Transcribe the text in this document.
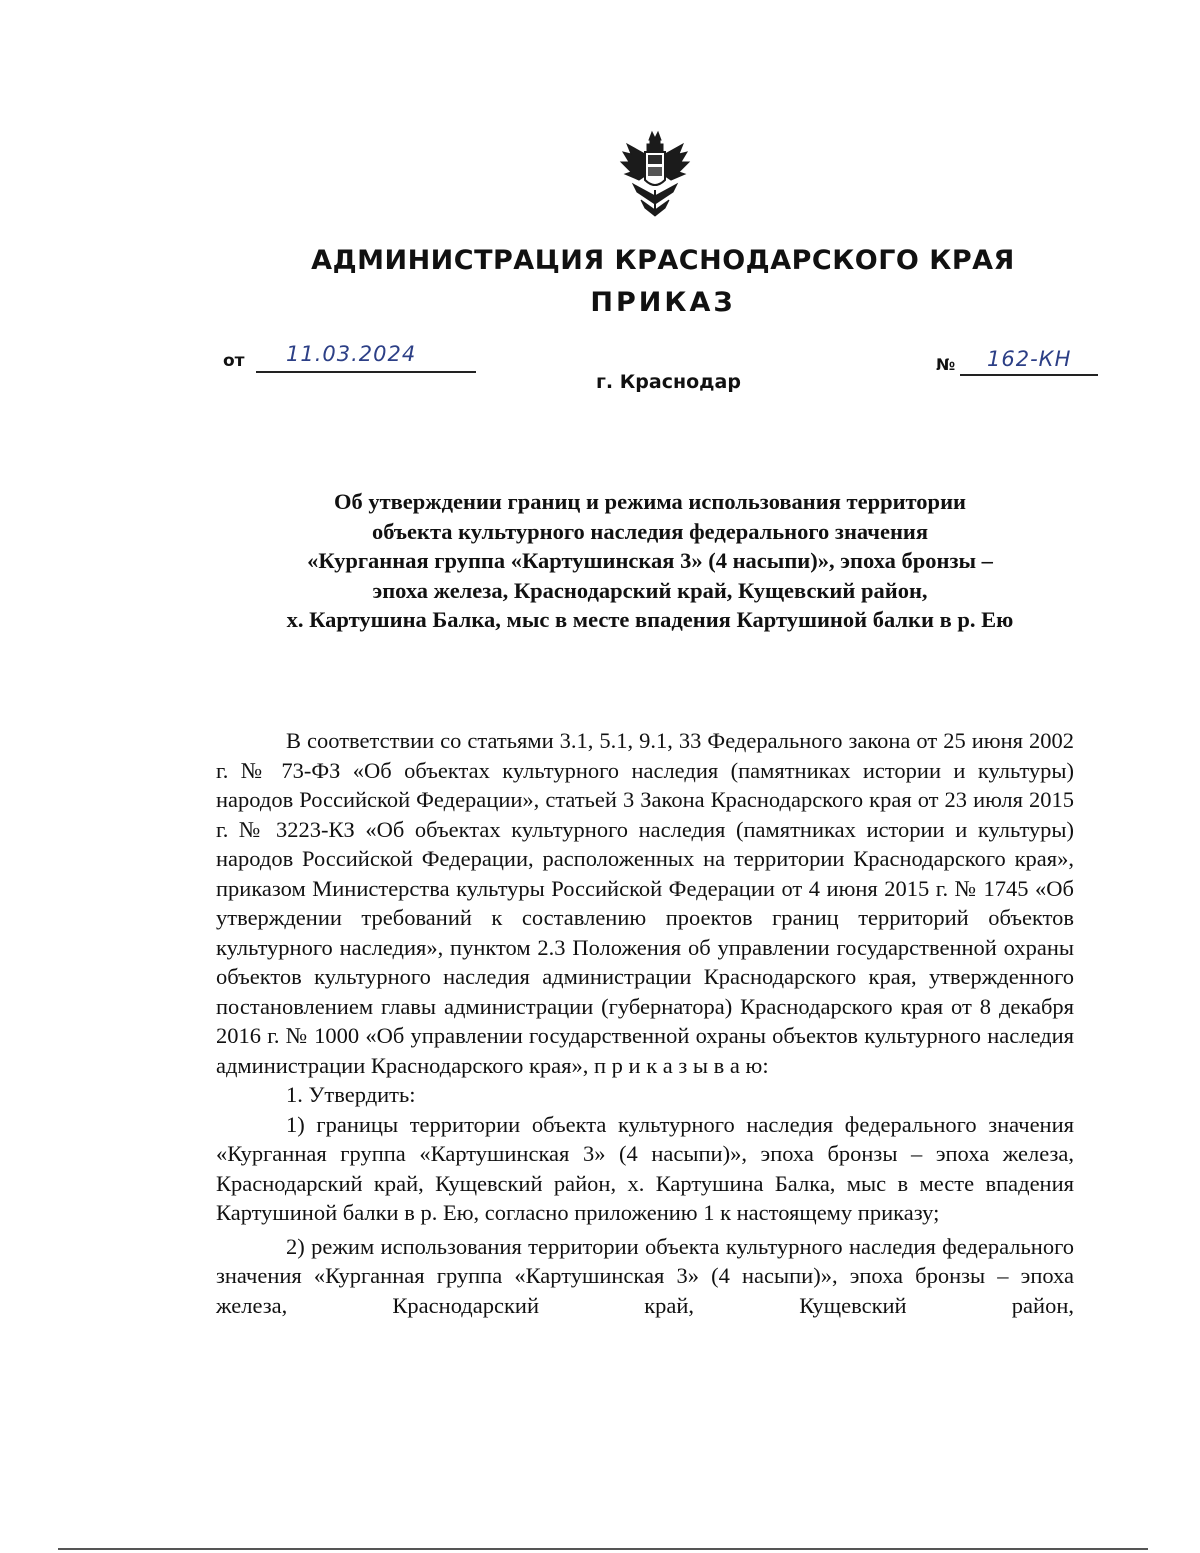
АДМИНИСТРАЦИЯ КРАСНОДАРСКОГО КРАЯ
ПРИКАЗ
от 11.03.2024
г. Краснодар
№ 162-КН
Об утверждении границ и режима использования территории
объекта культурного наследия федерального значения
«Курганная группа «Картушинская 3» (4 насыпи)», эпоха бронзы –
эпоха железа, Краснодарский край, Кущевский район,
х. Картушина Балка, мыс в месте впадения Картушиной балки в р. Ею

В соответствии со статьями 3.1, 5.1, 9.1, 33 Федерального закона от 25 июня 2002 г. № 73-ФЗ «Об объектах культурного наследия (памятниках истории и культуры) народов Российской Федерации», статьей 3 Закона Краснодарского края от 23 июля 2015 г. № 3223-КЗ «Об объектах культурного наследия (памятниках истории и культуры) народов Российской Федерации, расположенных на территории Краснодарского края», приказом Министерства культуры Российской Федерации от 4 июня 2015 г. № 1745 «Об утверждении требований к составлению проектов границ территорий объектов культурного наследия», пунктом 2.3 Положения об управлении государственной охраны объектов культурного наследия администрации Краснодарского края, утвержденного постановлением главы администрации (губернатора) Краснодарского края от 8 декабря 2016 г. № 1000 «Об управлении государственной охраны объектов культурного наследия администрации Краснодарского края», п р и к а з ы в а ю:

1. Утвердить:

1) границы территории объекта культурного наследия федерального значения «Курганная группа «Картушинская 3» (4 насыпи)», эпоха бронзы – эпоха железа, Краснодарский край, Кущевский район, х. Картушина Балка, мыс в месте впадения Картушиной балки в р. Ею, согласно приложению 1 к настоящему приказу;

2) режим использования территории объекта культурного наследия федерального значения «Курганная группа «Картушинская 3» (4 насыпи)», эпоха бронзы – эпоха железа, Краснодарский край, Кущевский район,
